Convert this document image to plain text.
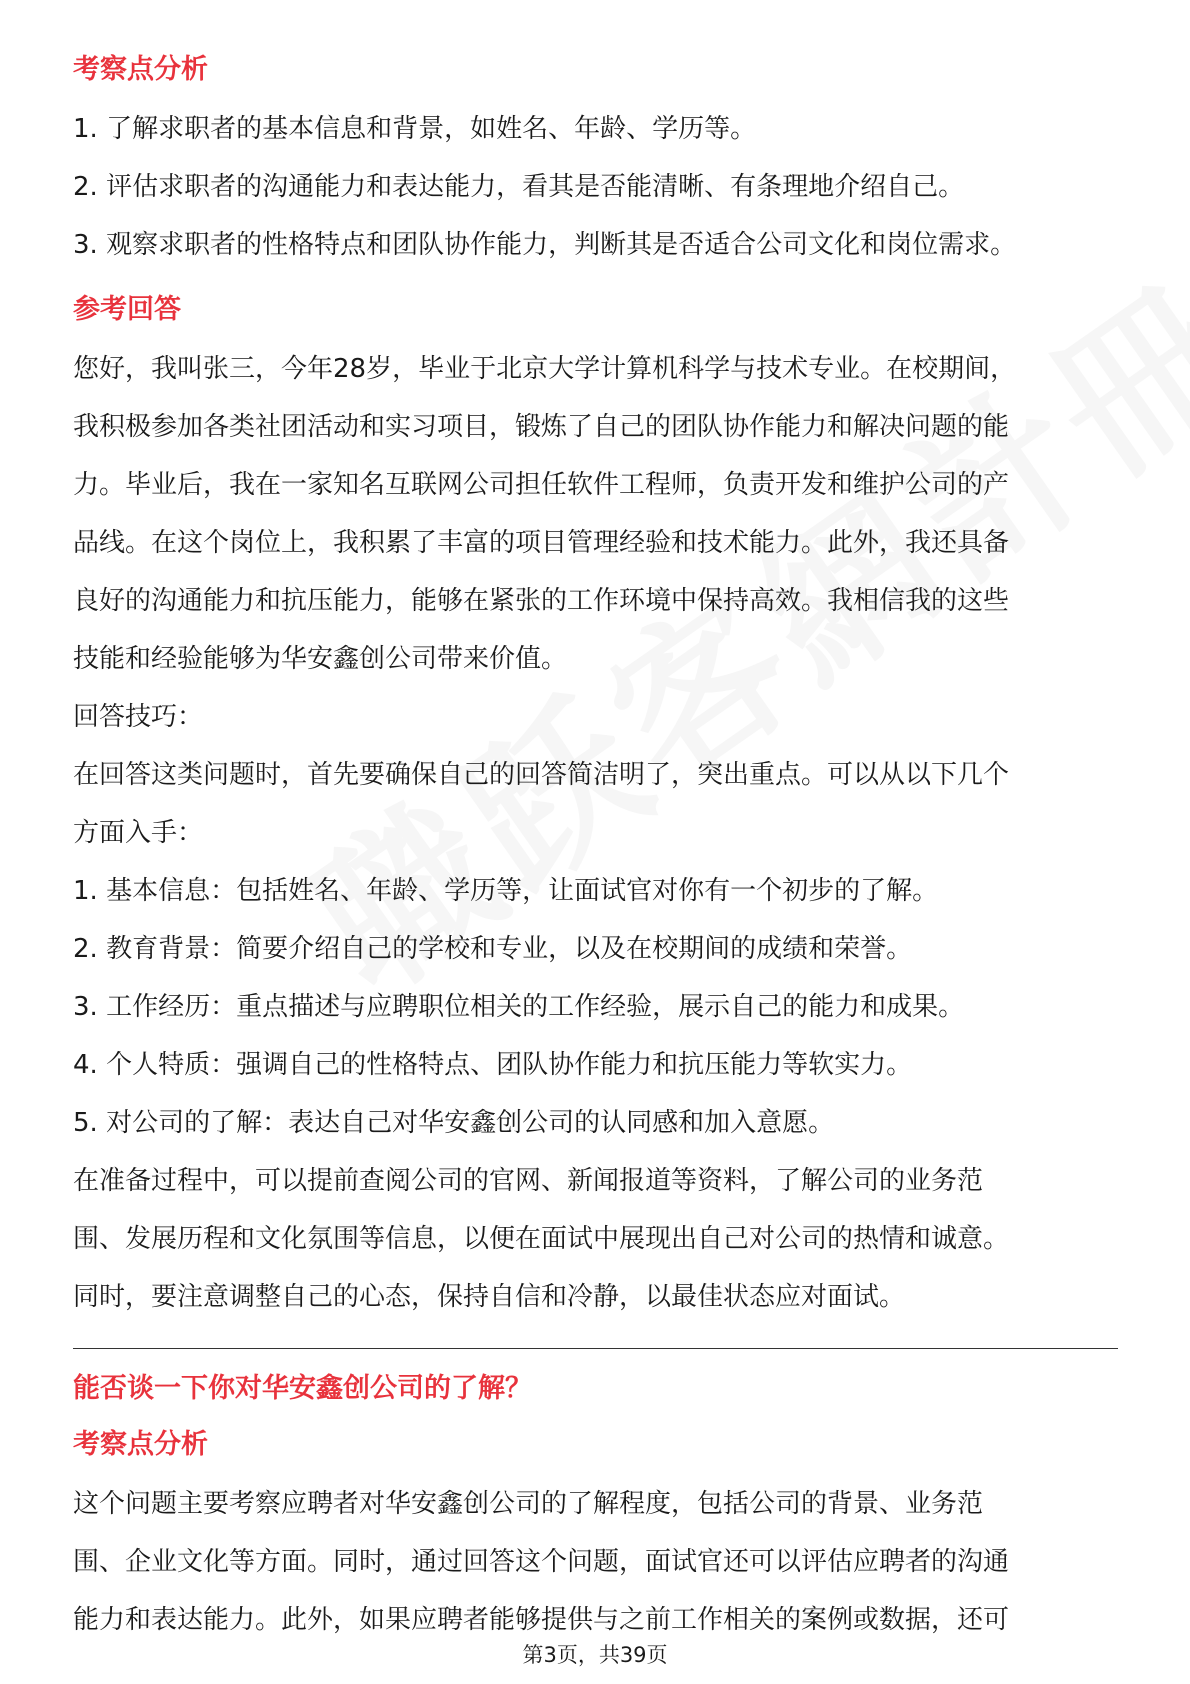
考察点分析

1. 了解求职者的基本信息和背景，如姓名、年龄、学历等。

2. 评估求职者的沟通能力和表达能力，看其是否能清晰、有条理地介绍自己。

3. 观察求职者的性格特点和团队协作能力，判断其是否适合公司文化和岗位需求。

参考回答

您好，我叫张三，今年28岁，毕业于北京大学计算机科学与技术专业。在校期间，

我积极参加各类社团活动和实习项目，锻炼了自己的团队协作能力和解决问题的能

力。毕业后，我在一家知名互联网公司担任软件工程师，负责开发和维护公司的产

品线。在这个岗位上，我积累了丰富的项目管理经验和技术能力。此外，我还具备

良好的沟通能力和抗压能力，能够在紧张的工作环境中保持高效。我相信我的这些

技能和经验能够为华安鑫创公司带来价值。

回答技巧：

在回答这类问题时，首先要确保自己的回答简洁明了，突出重点。可以从以下几个

方面入手：

1. 基本信息：包括姓名、年龄、学历等，让面试官对你有一个初步的了解。

2. 教育背景：简要介绍自己的学校和专业，以及在校期间的成绩和荣誉。

3. 工作经历：重点描述与应聘职位相关的工作经验，展示自己的能力和成果。

4. 个人特质：强调自己的性格特点、团队协作能力和抗压能力等软实力。

5. 对公司的了解：表达自己对华安鑫创公司的认同感和加入意愿。

在准备过程中，可以提前查阅公司的官网、新闻报道等资料，了解公司的业务范

围、发展历程和文化氛围等信息，以便在面试中展现出自己对公司的热情和诚意。

同时，要注意调整自己的心态，保持自信和冷静，以最佳状态应对面试。

能否谈一下你对华安鑫创公司的了解？
考察点分析

这个问题主要考察应聘者对华安鑫创公司的了解程度，包括公司的背景、业务范

围、企业文化等方面。同时，通过回答这个问题，面试官还可以评估应聘者的沟通

能力和表达能力。此外，如果应聘者能够提供与之前工作相关的案例或数据，还可

第3页，共39页
